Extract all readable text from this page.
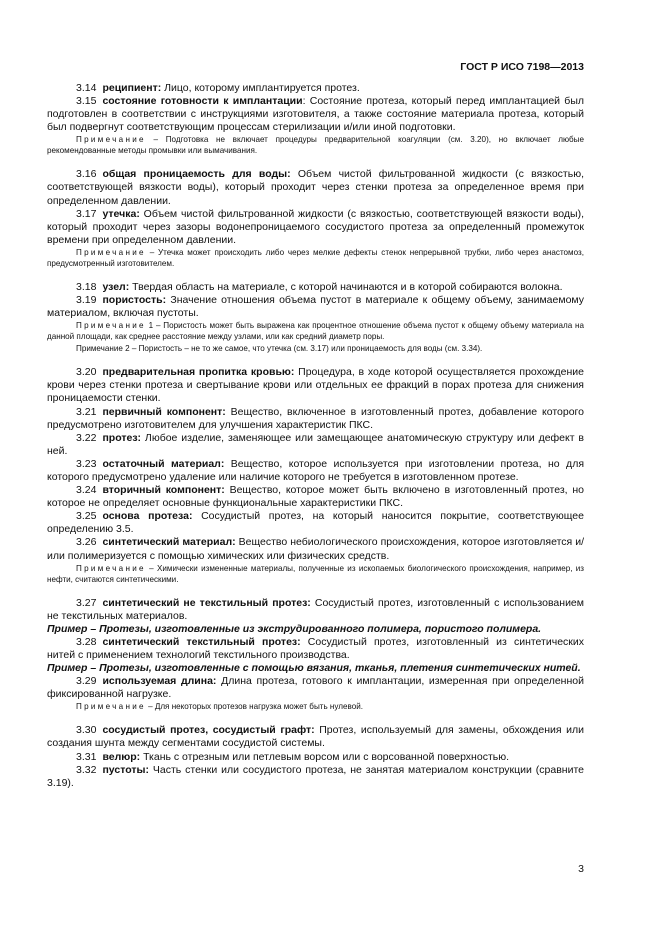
ГОСТ Р ИСО 7198—2013

3.14 реципиент: Лицо, которому имплантируется протез.

3.15 состояние готовности к имплантации: Состояние протеза, который перед имплантацией был подготовлен в соответствии с инструкциями изготовителя, а также состояние материала протеза, который был подвергнут соответствующим процессам стерилизации и/или иной подготовки.

Примечание – Подготовка не включает процедуры предварительной коагуляции (см. 3.20), но включает любые рекомендованные методы промывки или вымачивания.

3.16 общая проницаемость для воды: Объем чистой фильтрованной жидкости (с вязкостью, соответствующей вязкости воды), который проходит через стенки протеза за определенное время при определенном давлении.

3.17 утечка: Объем чистой фильтрованной жидкости (с вязкостью, соответствующей вязкости воды), который проходит через зазоры водонепроницаемого сосудистого протеза за определенный промежуток времени при определенном давлении.

Примечание – Утечка может происходить либо через мелкие дефекты стенок непрерывной трубки, либо через анастомоз, предусмотренный изготовителем.

3.18 узел: Твердая область на материале, с которой начинаются и в которой собираются волокна.

3.19 пористость: Значение отношения объема пустот в материале к общему объему, занимаемому материалом, включая пустоты.

Примечание 1 – Пористость может быть выражена как процентное отношение объема пустот к общему объему материала на данной площади, как среднее расстояние между узлами, или как средний диаметр поры.

Примечание 2 – Пористость – не то же самое, что утечка (см. 3.17) или проницаемость для воды (см. 3.34).

3.20 предварительная пропитка кровью: Процедура, в ходе которой осуществляется прохождение крови через стенки протеза и свертывание крови или отдельных ее фракций в порах протеза для снижения проницаемости стенки.

3.21 первичный компонент: Вещество, включенное в изготовленный протез, добавление которого предусмотрено изготовителем для улучшения характеристик ПКС.

3.22 протез: Любое изделие, заменяющее или замещающее анатомическую структуру или дефект в ней.

3.23 остаточный материал: Вещество, которое используется при изготовлении протеза, но для которого предусмотрено удаление или наличие которого не требуется в изготовленном протезе.

3.24 вторичный компонент: Вещество, которое может быть включено в изготовленный протез, но которое не определяет основные функциональные характеристики ПКС.

3.25 основа протеза: Сосудистый протез, на который наносится покрытие, соответствующее определению 3.5.

3.26 синтетический материал: Вещество небиологического происхождения, которое изготовляется и/или полимеризуется с помощью химических или физических средств.

Примечание – Химически измененные материалы, полученные из ископаемых биологического происхождения, например, из нефти, считаются синтетическими.

3.27 синтетический не текстильный протез: Сосудистый протез, изготовленный с использованием не текстильных материалов.

Пример – Протезы, изготовленные из экструдированного полимера, пористого полимера.

3.28 синтетический текстильный протез: Сосудистый протез, изготовленный из синтетических нитей с применением технологий текстильного производства.

Пример – Протезы, изготовленные с помощью вязания, тканья, плетения синтетических нитей.

3.29 используемая длина: Длина протеза, готового к имплантации, измеренная при определенной фиксированной нагрузке.

Примечание – Для некоторых протезов нагрузка может быть нулевой.

3.30 сосудистый протез, сосудистый графт: Протез, используемый для замены, обхождения или создания шунта между сегментами сосудистой системы.

3.31 велюр: Ткань с отрезным или петлевым ворсом или с ворсованной поверхностью.

3.32 пустоты: Часть стенки или сосудистого протеза, не занятая материалом конструкции (сравните 3.19).

3
